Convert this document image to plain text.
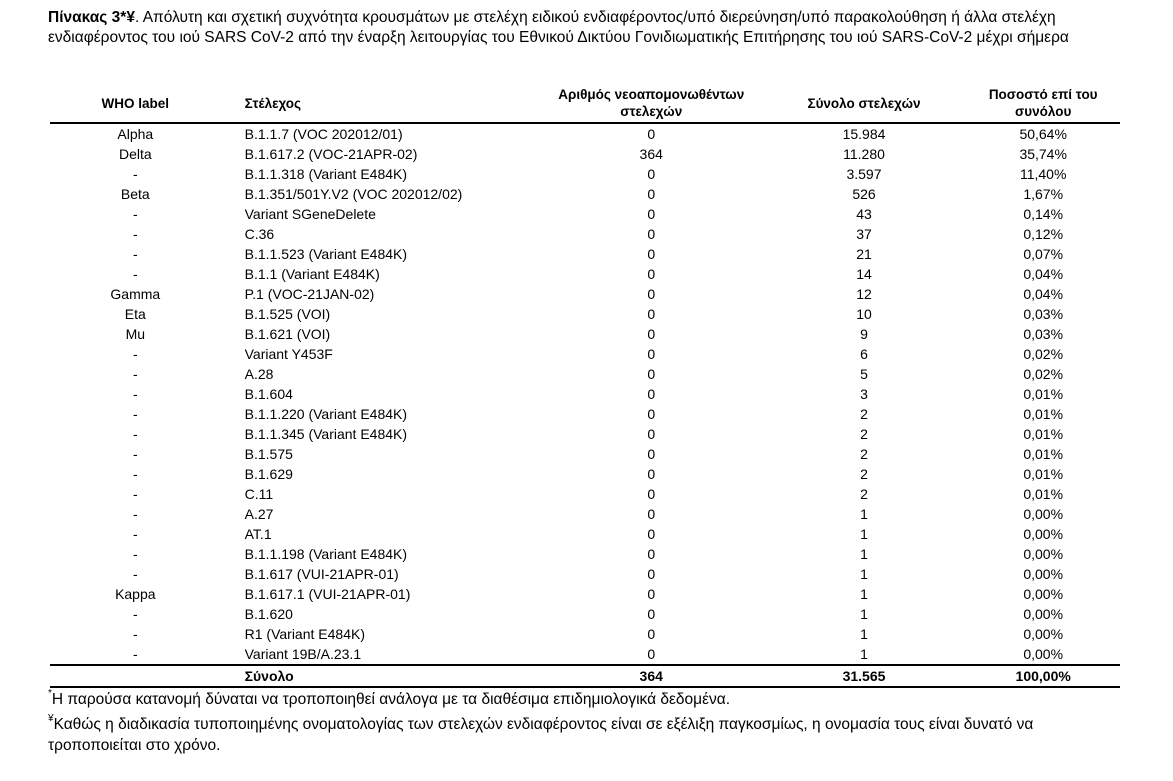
Πίνακας 3*¥. Απόλυτη και σχετική συχνότητα κρουσμάτων με στελέχη ειδικού ενδιαφέροντος/υπό διερεύνηση/υπό παρακολούθηση ή άλλα στελέχη ενδιαφέροντος του ιού SARS CoV-2 από την έναρξη λειτουργίας του Εθνικού Δικτύου Γονιδιωματικής Επιτήρησης του ιού SARS-CoV-2 μέχρι σήμερα
WHO label	Στέλεχος	Αριθμός νεοαπομονωθέντων στελεχών	Σύνολο στελεχών	Ποσοστό επί του συνόλου
Alpha	B.1.1.7 (VOC 202012/01)	0	15.984	50,64%
Delta	B.1.617.2 (VOC-21APR-02)	364	11.280	35,74%
-	B.1.1.318 (Variant E484K)	0	3.597	11,40%
Beta	B.1.351/501Y.V2 (VOC 202012/02)	0	526	1,67%
-	Variant SGeneDelete	0	43	0,14%
-	C.36	0	37	0,12%
-	B.1.1.523 (Variant E484K)	0	21	0,07%
-	B.1.1 (Variant E484K)	0	14	0,04%
Gamma	P.1 (VOC-21JAN-02)	0	12	0,04%
Eta	B.1.525 (VOI)	0	10	0,03%
Mu	B.1.621 (VOI)	0	9	0,03%
-	Variant Y453F	0	6	0,02%
-	A.28	0	5	0,02%
-	B.1.604	0	3	0,01%
-	B.1.1.220 (Variant E484K)	0	2	0,01%
-	B.1.1.345 (Variant E484K)	0	2	0,01%
-	B.1.575	0	2	0,01%
-	B.1.629	0	2	0,01%
-	C.11	0	2	0,01%
-	A.27	0	1	0,00%
-	AT.1	0	1	0,00%
-	B.1.1.198 (Variant E484K)	0	1	0,00%
-	B.1.617 (VUI-21APR-01)	0	1	0,00%
Kappa	B.1.617.1 (VUI-21APR-01)	0	1	0,00%
-	B.1.620	0	1	0,00%
-	R1 (Variant E484K)	0	1	0,00%
-	Variant 19B/A.23.1	0	1	0,00%
	Σύνολο	364	31.565	100,00%
*Η παρούσα κατανομή δύναται να τροποποιηθεί ανάλογα με τα διαθέσιμα επιδημιολογικά δεδομένα.
¥Καθώς η διαδικασία τυποποιημένης ονοματολογίας των στελεχών ενδιαφέροντος είναι σε εξέλιξη παγκοσμίως, η ονομασία τους είναι δυνατό να τροποποιείται στο χρόνο.
